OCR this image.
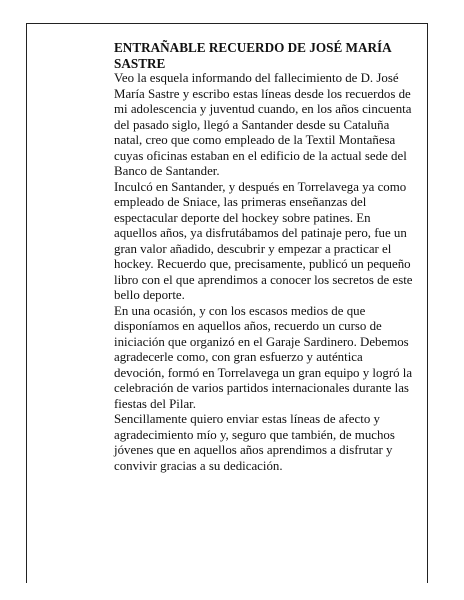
ENTRAÑABLE RECUERDO DE JOSÉ MARÍA SASTRE

Veo la esquela informando del fallecimiento de D. José María Sastre y escribo estas líneas desde los recuerdos de mi adolescencia y juventud cuando, en los años cincuenta del pasado siglo, llegó a Santander desde su Cataluña natal, creo que como empleado de la Textil Montañesa cuyas oficinas estaban en el edificio de la actual sede del Banco de Santander.

Inculcó en Santander, y después en Torrelavega ya como empleado de Sniace, las primeras enseñanzas del espectacular deporte del hockey sobre patines. En aquellos años, ya disfrutábamos del patinaje pero, fue un gran valor añadido, descubrir y empezar a practicar el hockey. Recuerdo que, precisamente, publicó un pequeño libro con el que aprendimos a conocer los secretos de este bello deporte.

En una ocasión, y con los escasos medios de que disponíamos en aquellos años, recuerdo un curso de iniciación que organizó en el Garaje Sardinero. Debemos agradecerle como, con gran esfuerzo y auténtica devoción, formó en Torrelavega un gran equipo y logró la celebración de varios partidos internacionales durante las fiestas del Pilar.

Sencillamente quiero enviar estas líneas de afecto y agradecimiento mío y, seguro que también, de muchos jóvenes que en aquellos años aprendimos a disfrutar y convivir gracias a su dedicación.
